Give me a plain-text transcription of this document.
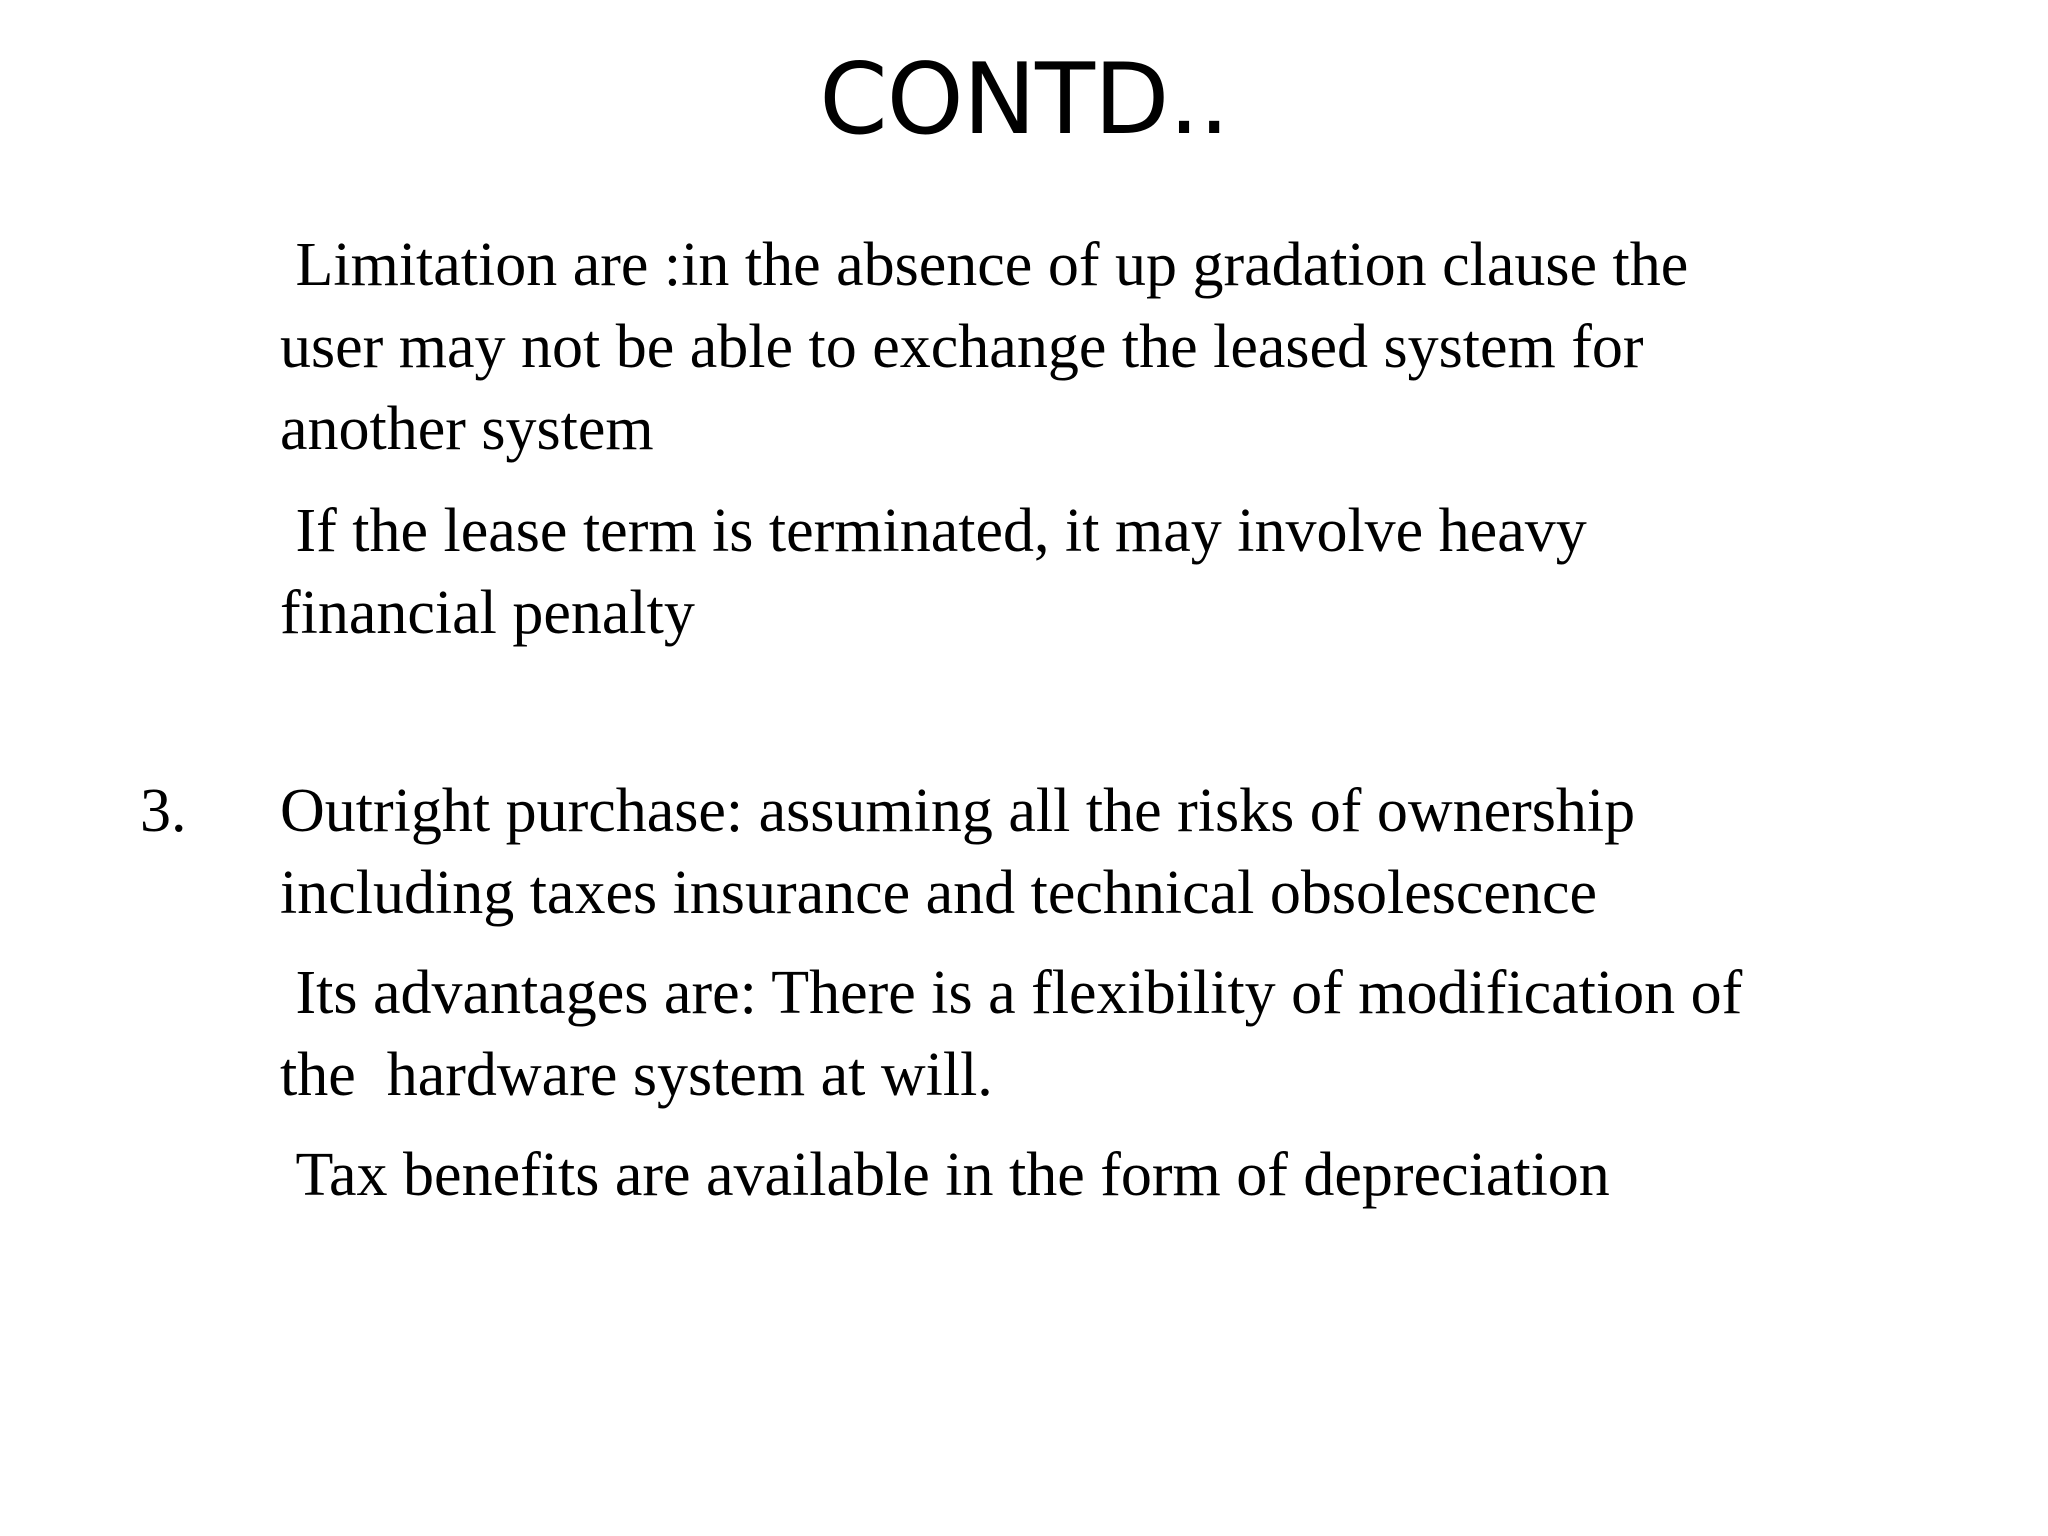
CONTD..
Limitation are :in the absence of up gradation clause the
user may not be able to exchange the leased system for
another system
If the lease term is terminated, it may involve heavy
financial penalty
3. Outright purchase: assuming all the risks of ownership
including taxes insurance and technical obsolescence
Its advantages are: There is a flexibility of modification of
the  hardware system at will.
Tax benefits are available in the form of depreciation
